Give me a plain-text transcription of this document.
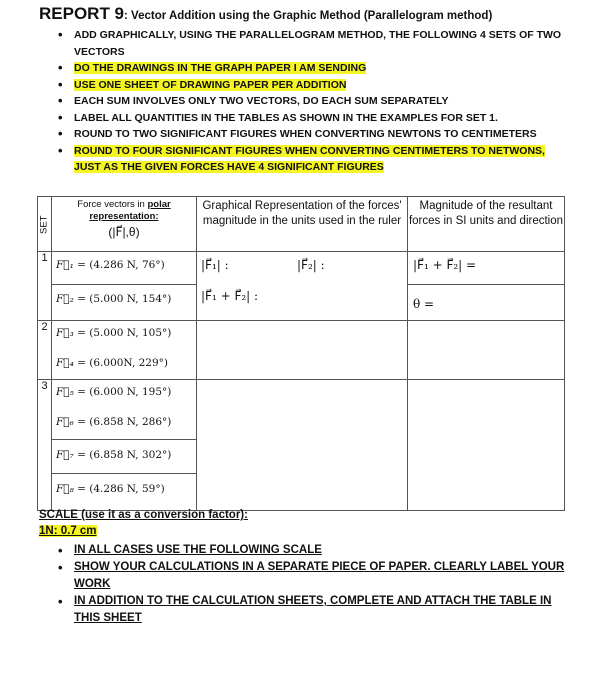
REPORT 9: Vector Addition using the Graphic Method (Parallelogram method)
• ADD GRAPHICALLY, USING THE PARALLELOGRAM METHOD, THE FOLLOWING 4 SETS OF TWO VECTORS
• DO THE DRAWINGS IN THE GRAPH PAPER I AM SENDING
• USE ONE SHEET OF DRAWING PAPER PER ADDITION
• EACH SUM INVOLVES ONLY TWO VECTORS, DO EACH SUM SEPARATELY
• LABEL ALL QUANTITIES IN THE TABLES AS SHOWN IN THE EXAMPLES FOR SET 1.
• ROUND TO TWO SIGNIFICANT FIGURES WHEN CONVERTING NEWTONS TO CENTIMETERS
• ROUND TO FOUR SIGNIFICANT FIGURES WHEN CONVERTING CENTIMETERS TO NETWONS, JUST AS THE GIVEN FORCES HAVE 4 SIGNIFICANT FIGURES
SET	Force vectors in polar
representation:
(|F⃗|,θ)	Graphical Representation of the forces' magnitude in the units used in the ruler	Magnitude of the resultant forces in SI units and direction
1	F⃗₁ = (4.286 N, 76°)	|F⃗₁| : |F⃗₂| :	|F⃗₁ + F⃗₂| =

	F⃗₂ = (5.000 N, 154°)	|F⃗₁ + F⃗₂| :	θ =

2	F⃗₃ = (5.000 N, 105°)		
	F⃗₄ = (6.000N, 229°)		
3	F⃗₅ = (6.000 N, 195°)		
	F⃗₆ = (6.858 N, 286°)		
	F⃗₇ = (6.858 N, 302°)		
	F⃗₈ = (4.286 N, 59°)		
SCALE (use it as a conversion factor):
1N: 0.7 cm
• IN ALL CASES USE THE FOLLOWING SCALE
• SHOW YOUR CALCULATIONS IN A SEPARATE PIECE OF PAPER. CLEARLY LABEL YOUR WORK
• IN ADDITION TO THE CALCULATION SHEETS, COMPLETE AND ATTACH THE TABLE IN THIS SHEET
